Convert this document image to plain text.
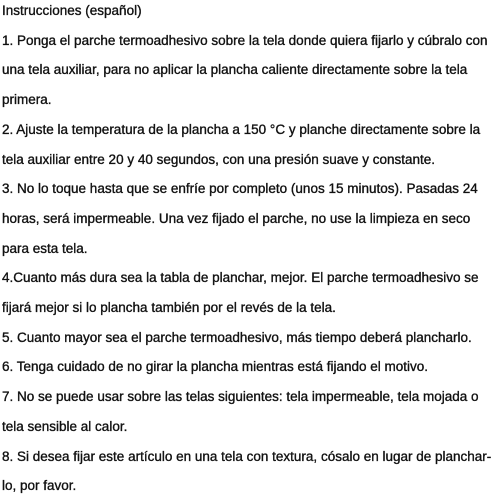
Instrucciones (español)
1. Ponga el parche termoadhesivo sobre la tela donde quiera fijarlo y cúbralo con
una tela auxiliar, para no aplicar la plancha caliente directamente sobre la tela
primera.
2. Ajuste la temperatura de la plancha a 150 °C y planche directamente sobre la
tela auxiliar entre 20 y 40 segundos, con una presión suave y constante.
3. No lo toque hasta que se enfríe por completo (unos 15 minutos). Pasadas 24
horas, será impermeable. Una vez fijado el parche, no use la limpieza en seco
para esta tela.
4.Cuanto más dura sea la tabla de planchar, mejor. El parche termoadhesivo se
fijará mejor si lo plancha también por el revés de la tela.
5. Cuanto mayor sea el parche termoadhesivo, más tiempo deberá plancharlo.
6. Tenga cuidado de no girar la plancha mientras está fijando el motivo.
7. No se puede usar sobre las telas siguientes: tela impermeable, tela mojada o
tela sensible al calor.
8. Si desea fijar este artículo en una tela con textura, cósalo en lugar de planchar-
lo, por favor.
